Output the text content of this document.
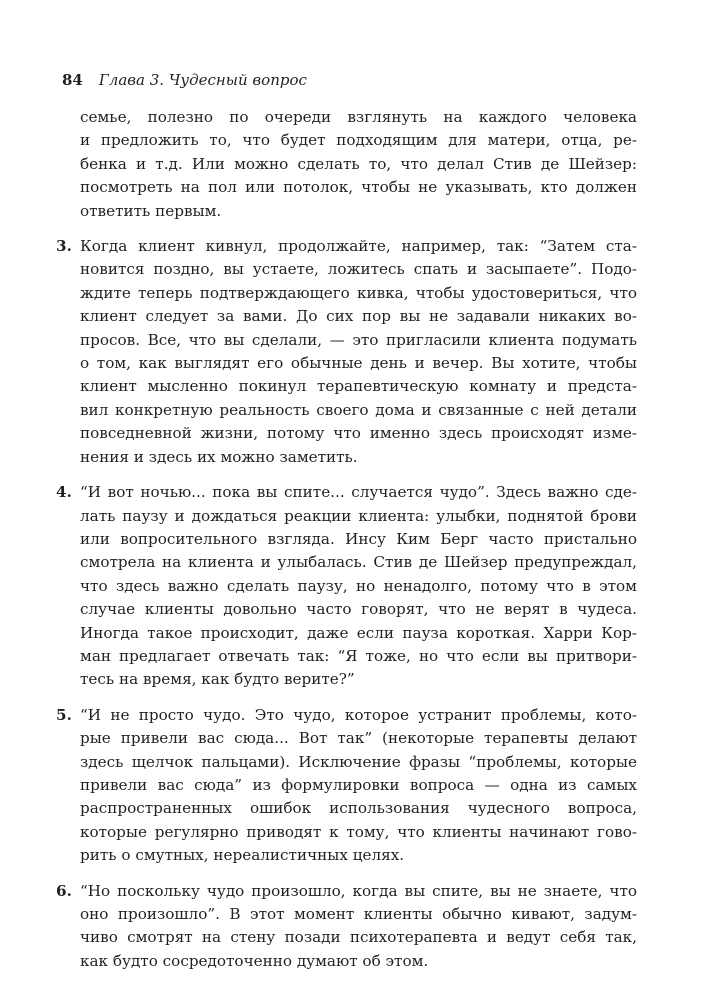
84 Глава 3. Чудесный вопрос
семье, полезно по очереди взглянуть на каждого человека
и предложить то, что будет подходящим для матери, отца, ре-
бенка и т.д. Или можно сделать то, что делал Стив де Шейзер:
посмотреть на пол или потолок, чтобы не указывать, кто должен
ответить первым.
3. Когда клиент кивнул, продолжайте, например, так: “Затем ста-
новится поздно, вы устаете, ложитесь спать и засыпаете”. Подо-
ждите теперь подтверждающего кивка, чтобы удостовериться, что
клиент следует за вами. До сих пор вы не задавали никаких во-
просов. Все, что вы сделали, — это пригласили клиента подумать
о том, как выглядят его обычные день и вечер. Вы хотите, чтобы
клиент мысленно покинул терапевтическую комнату и предста-
вил конкретную реальность своего дома и связанные с ней детали
повседневной жизни, потому что именно здесь происходят изме-
нения и здесь их можно заметить.
4. “И вот ночью... пока вы спите... случается чудо”. Здесь важно сде-
лать паузу и дождаться реакции клиента: улыбки, поднятой брови
или вопросительного взгляда. Инсу Ким Берг часто пристально
смотрела на клиента и улыбалась. Стив де Шейзер предупреждал,
что здесь важно сделать паузу, но ненадолго, потому что в этом
случае клиенты довольно часто говорят, что не верят в чудеса.
Иногда такое происходит, даже если пауза короткая. Харри Кор-
ман предлагает отвечать так: “Я тоже, но что если вы притвори-
тесь на время, как будто верите?”
5. “И не просто чудо. Это чудо, которое устранит проблемы, кото-
рые привели вас сюда... Вот так” (некоторые терапевты делают
здесь щелчок пальцами). Исключение фразы “проблемы, которые
привели вас сюда” из формулировки вопроса — одна из самых
распространенных ошибок использования чудесного вопроса,
которые регулярно приводят к тому, что клиенты начинают гово-
рить о смутных, нереалистичных целях.
6. “Но поскольку чудо произошло, когда вы спите, вы не знаете, что
оно произошло”. В этот момент клиенты обычно кивают, задум-
чиво смотрят на стену позади психотерапевта и ведут себя так,
как будто сосредоточенно думают об этом.
